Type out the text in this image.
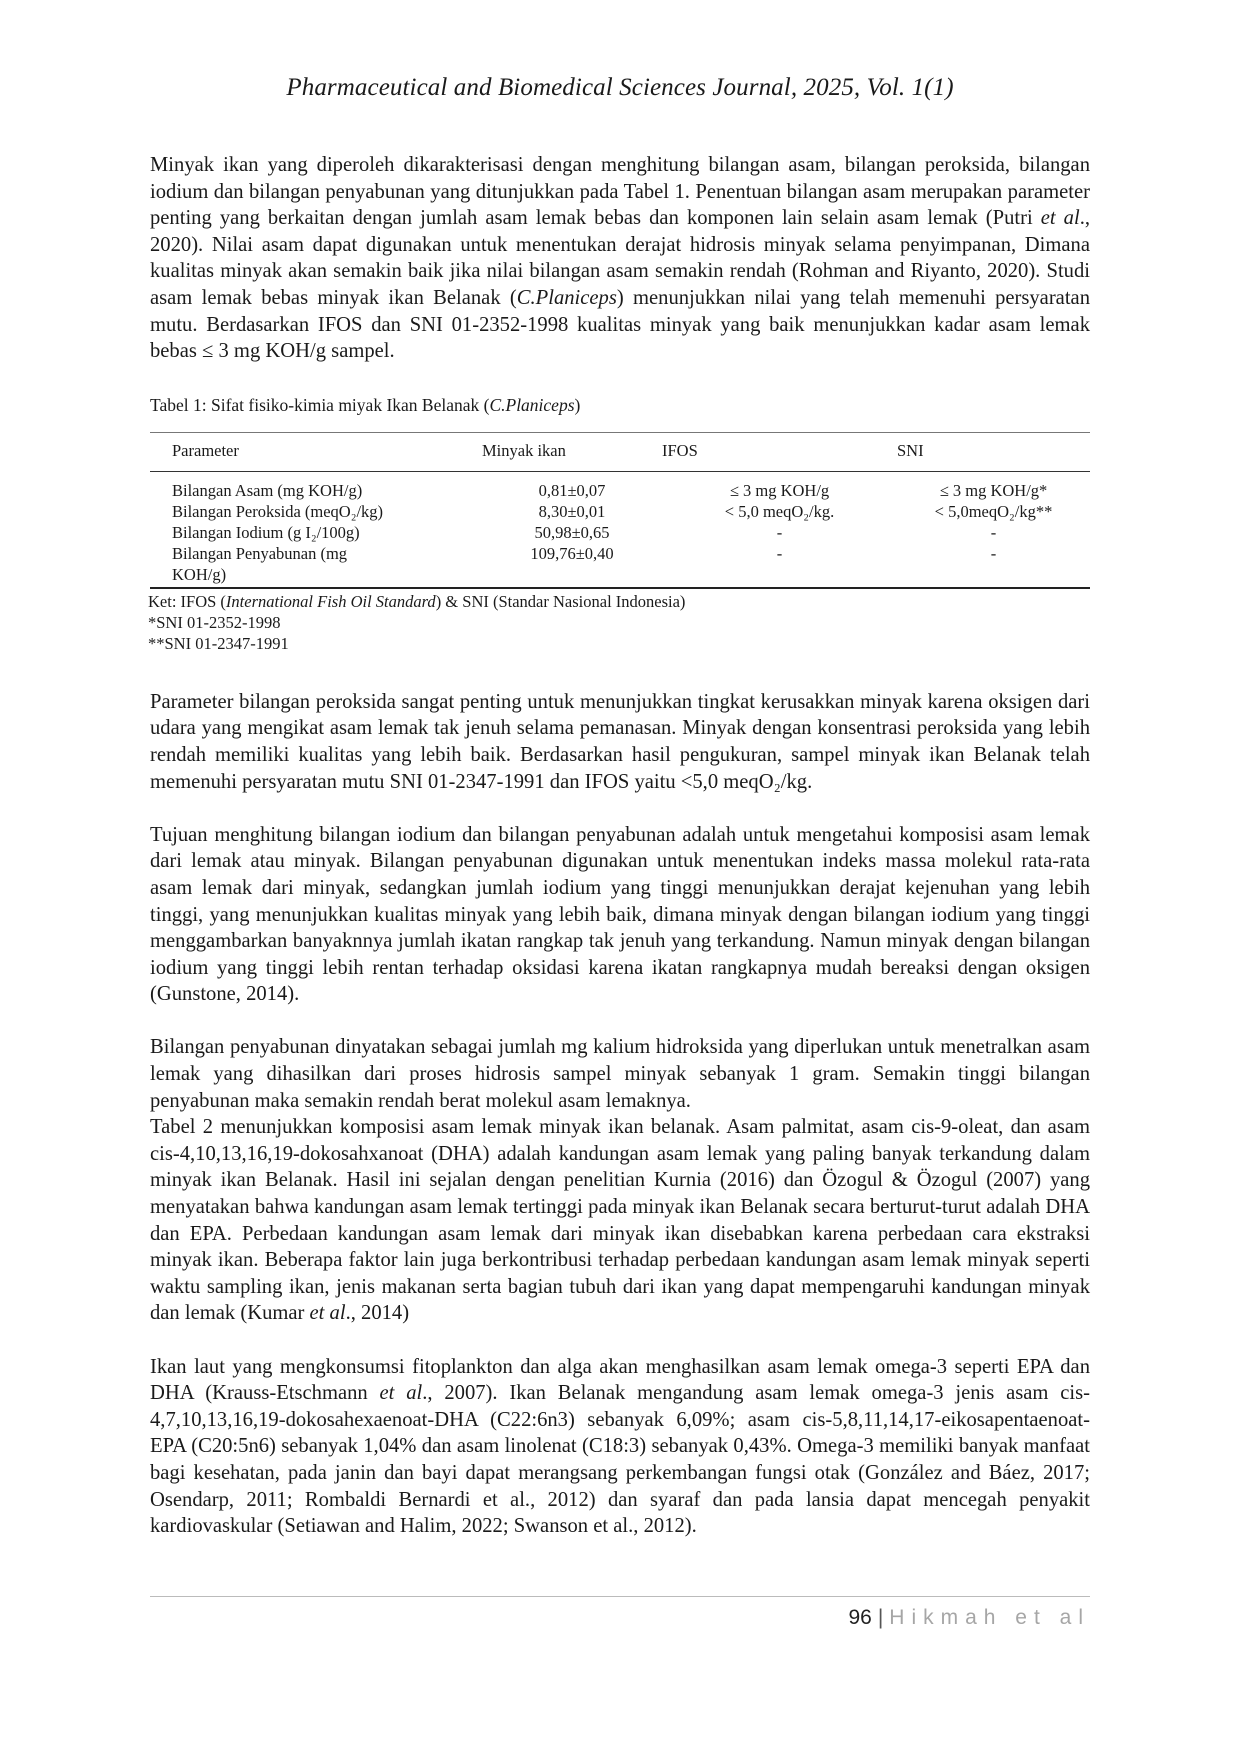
Pharmaceutical and Biomedical Sciences Journal, 2025, Vol. 1(1)

Minyak ikan yang diperoleh dikarakterisasi dengan menghitung bilangan asam, bilangan peroksida, bilangan iodium dan bilangan penyabunan yang ditunjukkan pada Tabel 1. Penentuan bilangan asam merupakan parameter penting yang berkaitan dengan jumlah asam lemak bebas dan komponen lain selain asam lemak (Putri et al., 2020). Nilai asam dapat digunakan untuk menentukan derajat hidrosis minyak selama penyimpanan, Dimana kualitas minyak akan semakin baik jika nilai bilangan asam semakin rendah (Rohman and Riyanto, 2020). Studi asam lemak bebas minyak ikan Belanak (C.Planiceps) menunjukkan nilai yang telah memenuhi persyaratan mutu. Berdasarkan IFOS dan SNI 01-2352-1998 kualitas minyak yang baik menunjukkan kadar asam lemak bebas ≤ 3 mg KOH/g sampel.

Tabel 1: Sifat fisiko-kimia miyak Ikan Belanak (C.Planiceps)
Parameter	Minyak ikan	IFOS	SNI
Bilangan Asam (mg KOH/g)	0,81±0,07	≤ 3 mg KOH/g	≤ 3 mg KOH/g*
Bilangan Peroksida (meqO₂/kg)	8,30±0,01	< 5,0 meqO₂/kg.	< 5,0meqO₂/kg**
Bilangan Iodium (g I₂/100g)	50,98±0,65	-	-
Bilangan Penyabunan (mg	109,76±0,40	-	-
KOH/g)			
Ket: IFOS (International Fish Oil Standard) & SNI (Standar Nasional Indonesia)
*SNI 01-2352-1998
**SNI 01-2347-1991

Parameter bilangan peroksida sangat penting untuk menunjukkan tingkat kerusakkan minyak karena oksigen dari udara yang mengikat asam lemak tak jenuh selama pemanasan. Minyak dengan konsentrasi peroksida yang lebih rendah memiliki kualitas yang lebih baik. Berdasarkan hasil pengukuran, sampel minyak ikan Belanak telah memenuhi persyaratan mutu SNI 01-2347-1991 dan IFOS yaitu <5,0 meqO₂/kg.

Tujuan menghitung bilangan iodium dan bilangan penyabunan adalah untuk mengetahui komposisi asam lemak dari lemak atau minyak. Bilangan penyabunan digunakan untuk menentukan indeks massa molekul rata-rata asam lemak dari minyak, sedangkan jumlah iodium yang tinggi menunjukkan derajat kejenuhan yang lebih tinggi, yang menunjukkan kualitas minyak yang lebih baik, dimana minyak dengan bilangan iodium yang tinggi menggambarkan banyaknnya jumlah ikatan rangkap tak jenuh yang terkandung. Namun minyak dengan bilangan iodium yang tinggi lebih rentan terhadap oksidasi karena ikatan rangkapnya mudah bereaksi dengan oksigen (Gunstone, 2014).

Bilangan penyabunan dinyatakan sebagai jumlah mg kalium hidroksida yang diperlukan untuk menetralkan asam lemak yang dihasilkan dari proses hidrosis sampel minyak sebanyak 1 gram. Semakin tinggi bilangan penyabunan maka semakin rendah berat molekul asam lemaknya.

Tabel 2 menunjukkan komposisi asam lemak minyak ikan belanak. Asam palmitat, asam cis-9-oleat, dan asam cis-4,10,13,16,19-dokosahxanoat (DHA) adalah kandungan asam lemak yang paling banyak terkandung dalam minyak ikan Belanak. Hasil ini sejalan dengan penelitian Kurnia (2016) dan Özogul & Özogul (2007) yang menyatakan bahwa kandungan asam lemak tertinggi pada minyak ikan Belanak secara berturut-turut adalah DHA dan EPA. Perbedaan kandungan asam lemak dari minyak ikan disebabkan karena perbedaan cara ekstraksi minyak ikan. Beberapa faktor lain juga berkontribusi terhadap perbedaan kandungan asam lemak minyak seperti waktu sampling ikan, jenis makanan serta bagian tubuh dari ikan yang dapat mempengaruhi kandungan minyak dan lemak (Kumar et al., 2014)

Ikan laut yang mengkonsumsi fitoplankton dan alga akan menghasilkan asam lemak omega-3 seperti EPA dan DHA (Krauss-Etschmann et al., 2007). Ikan Belanak mengandung asam lemak omega-3 jenis asam cis-4,7,10,13,16,19-dokosahexaenoat-DHA (C22:6n3) sebanyak 6,09%; asam cis-5,8,11,14,17-eikosapentaenoat-EPA (C20:5n6) sebanyak 1,04% dan asam linolenat (C18:3) sebanyak 0,43%. Omega-3 memiliki banyak manfaat bagi kesehatan, pada janin dan bayi dapat merangsang perkembangan fungsi otak (González and Báez, 2017; Osendarp, 2011; Rombaldi Bernardi et al., 2012) dan syaraf dan pada lansia dapat mencegah penyakit kardiovaskular (Setiawan and Halim, 2022; Swanson et al., 2012).

96 | Hikmah et al
